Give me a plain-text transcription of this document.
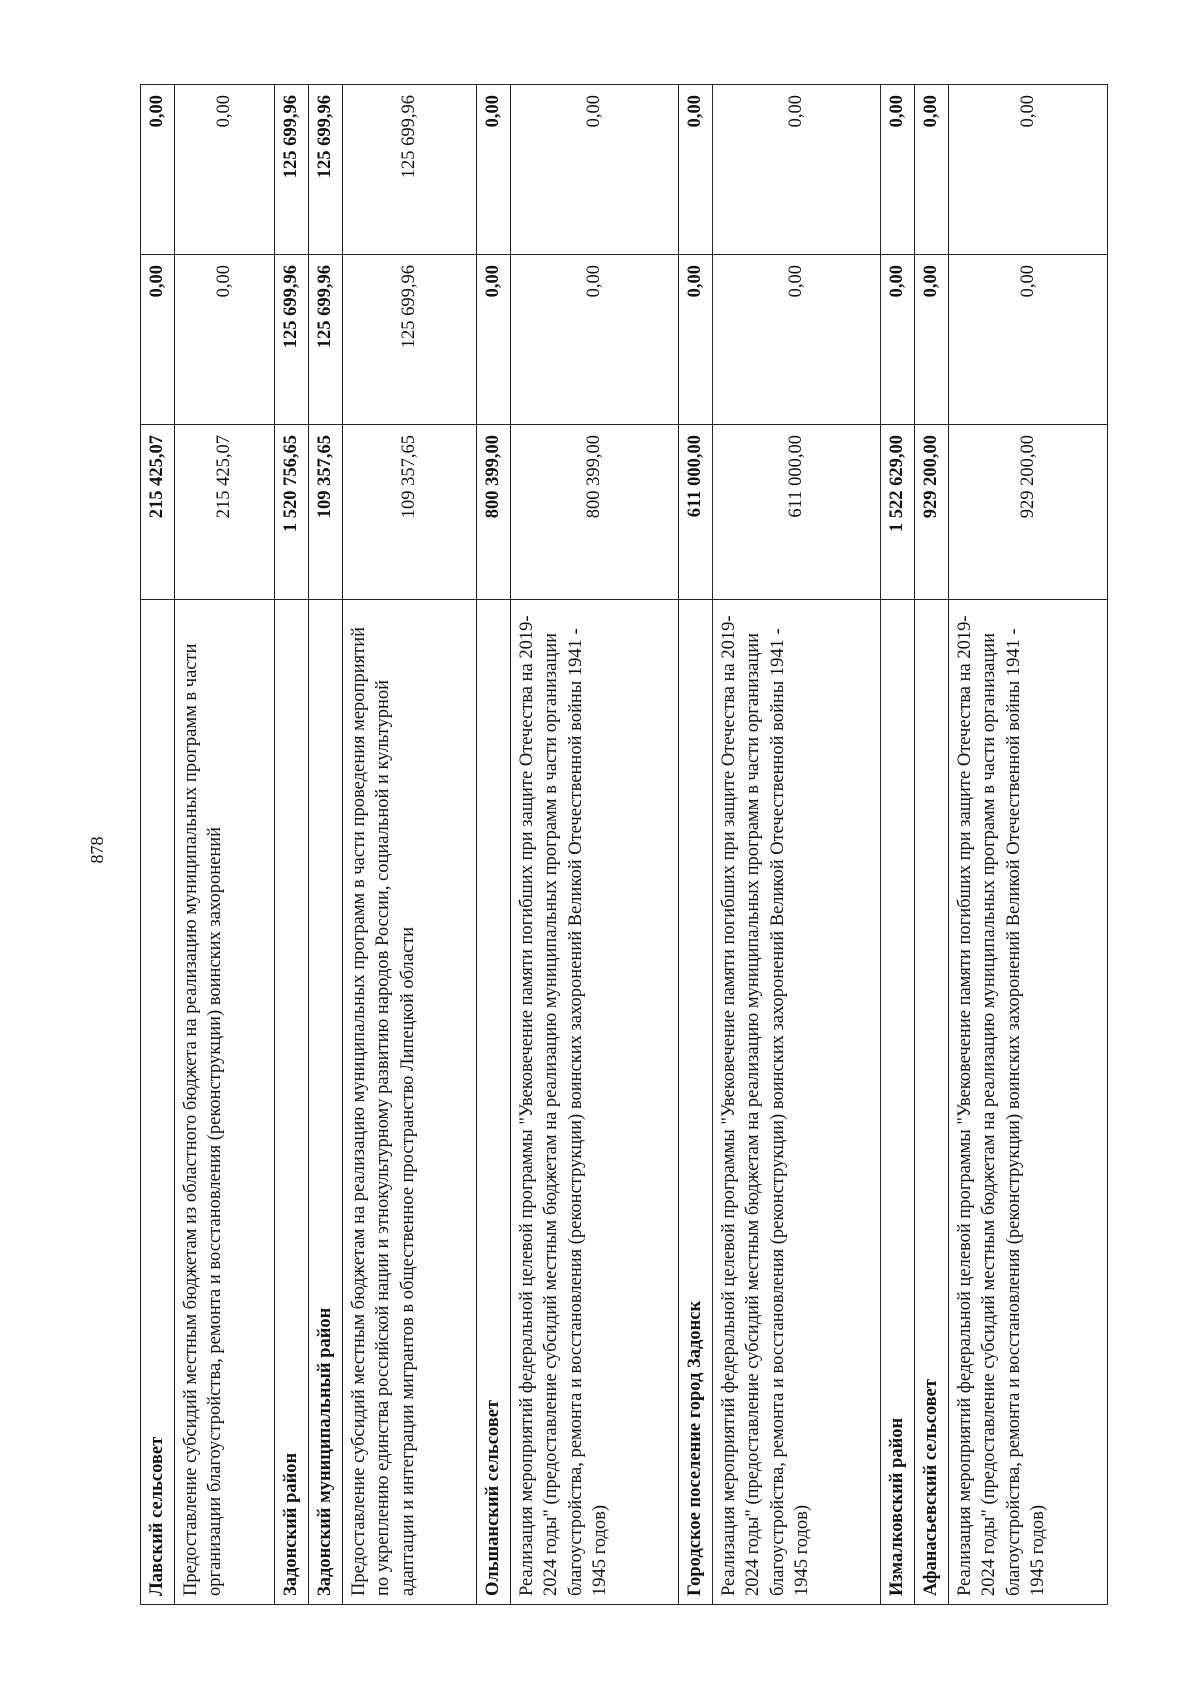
878
Лавский сельсовет	215 425,07	0,00	0,00
Предоставление субсидий местным бюджетам из областного бюджета на реализацию муниципальных программ в части организации благоустройства, ремонта и восстановления (реконструкции) воинских захоронений	215 425,07	0,00	0,00
Задонский район	1 520 756,65	125 699,96	125 699,96
Задонский муниципальный район	109 357,65	125 699,96	125 699,96
Предоставление субсидий местным бюджетам на реализацию муниципальных программ в части проведения мероприятий по укреплению единства российской нации и этнокультурному развитию народов России, социальной и культурной адаптации и интеграции мигрантов в общественное пространство Липецкой области	109 357,65	125 699,96	125 699,96
Ольшанский сельсовет	800 399,00	0,00	0,00
Реализация мероприятий федеральной целевой программы "Увековечение памяти погибших при защите Отечества на 2019-2024 годы" (предоставление субсидий местным бюджетам на реализацию муниципальных программ в части организации благоустройства, ремонта и восстановления (реконструкции) воинских захоронений Великой Отечественной войны 1941 - 1945 годов)	800 399,00	0,00	0,00
Городское поселение город Задонск	611 000,00	0,00	0,00
Реализация мероприятий федеральной целевой программы "Увековечение памяти погибших при защите Отечества на 2019-2024 годы" (предоставление субсидий местным бюджетам на реализацию муниципальных программ в части организации благоустройства, ремонта и восстановления (реконструкции) воинских захоронений Великой Отечественной войны 1941 - 1945 годов)	611 000,00	0,00	0,00
Измалковский район	1 522 629,00	0,00	0,00
Афанасьевский сельсовет	929 200,00	0,00	0,00
Реализация мероприятий федеральной целевой программы "Увековечение памяти погибших при защите Отечества на 2019-2024 годы" (предоставление субсидий местным бюджетам на реализацию муниципальных программ в части организации благоустройства, ремонта и восстановления (реконструкции) воинских захоронений Великой Отечественной войны 1941 - 1945 годов)	929 200,00	0,00	0,00
